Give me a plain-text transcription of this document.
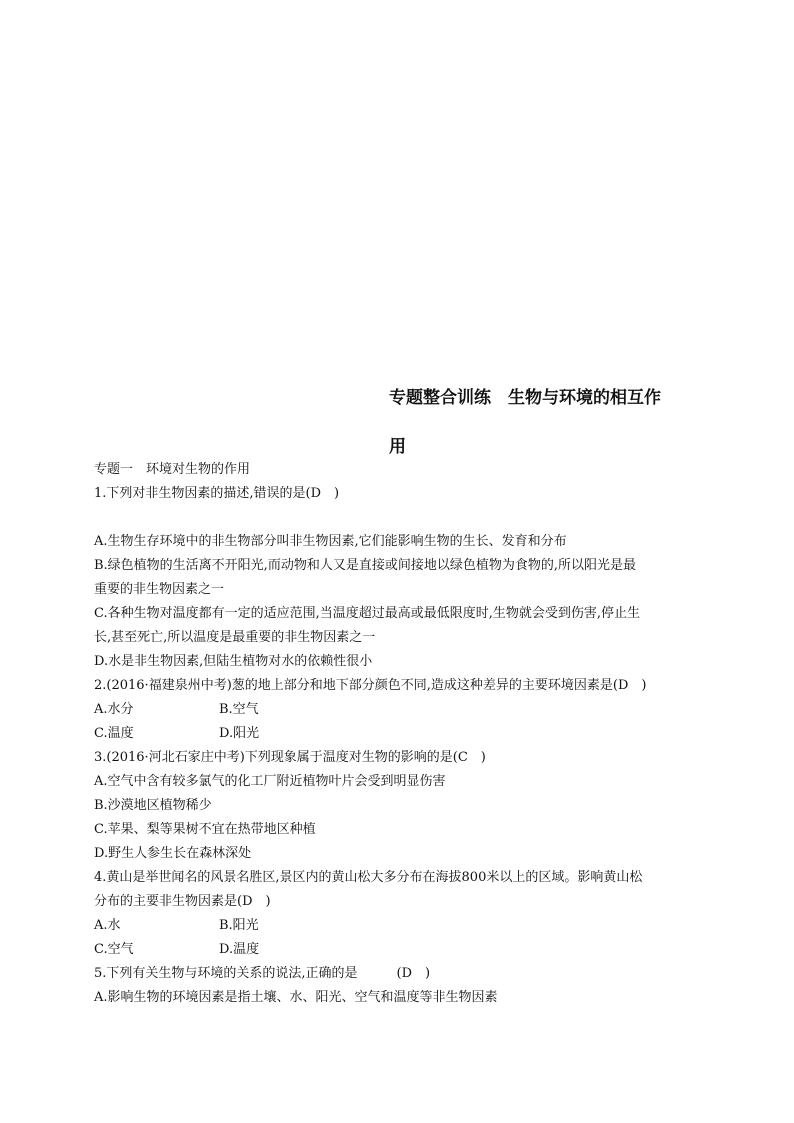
专题整合训练　生物与环境的相互作
用

专题一　环境对生物的作用

1.下列对非生物因素的描述,错误的是(D　)

A.生物生存环境中的非生物部分叫非生物因素,它们能影响生物的生长、发育和分布

B.绿色植物的生活离不开阳光,而动物和人又是直接或间接地以绿色植物为食物的,所以阳光是最

重要的非生物因素之一

C.各种生物对温度都有一定的适应范围,当温度超过最高或最低限度时,生物就会受到伤害,停止生

长,甚至死亡,所以温度是最重要的非生物因素之一

D.水是非生物因素,但陆生植物对水的依赖性很小

2.(2016·福建泉州中考)葱的地上部分和地下部分颜色不同,造成这种差异的主要环境因素是(D　)

A.水分	B.空气
C.温度	D.阳光

3.(2016·河北石家庄中考)下列现象属于温度对生物的影响的是(C　)

A.空气中含有较多氯气的化工厂附近植物叶片会受到明显伤害

B.沙漠地区植物稀少

C.苹果、梨等果树不宜在热带地区种植

D.野生人参生长在森林深处

4.黄山是举世闻名的风景名胜区,景区内的黄山松大多分布在海拔800米以上的区域。影响黄山松

分布的主要非生物因素是(D　)

A.水	B.阳光
C.空气	D.温度

5.下列有关生物与环境的关系的说法,正确的是　　　(D　)

A.影响生物的环境因素是指土壤、水、阳光、空气和温度等非生物因素
